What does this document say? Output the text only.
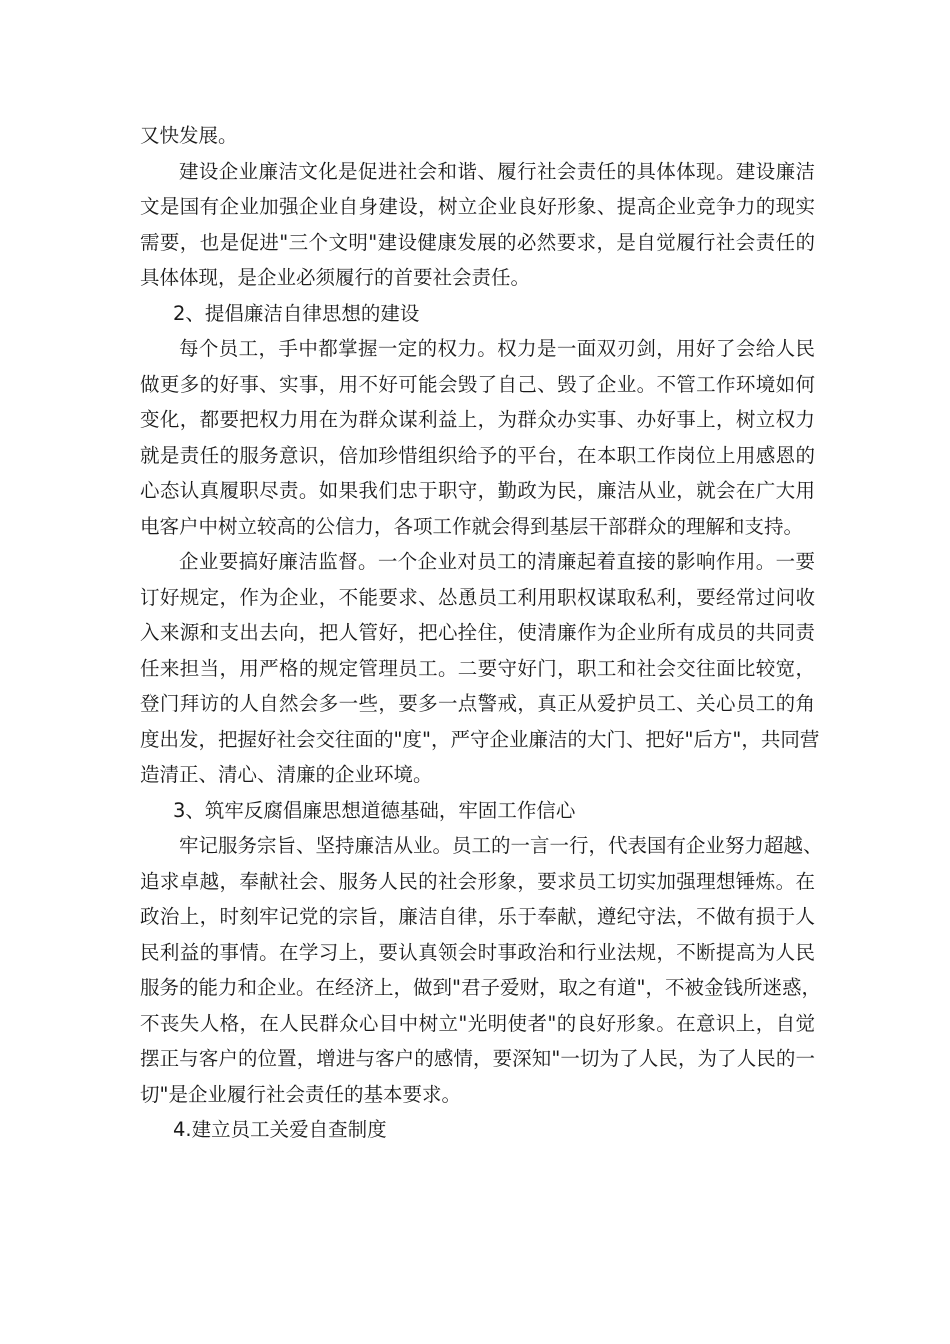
又快发展。
建设企业廉洁文化是促进社会和谐、履行社会责任的具体体现。建设廉洁
文是国有企业加强企业自身建设，树立企业良好形象、提高企业竞争力的现实
需要，也是促进"三个文明"建设健康发展的必然要求，是自觉履行社会责任的
具体体现，是企业必须履行的首要社会责任。
2、提倡廉洁自律思想的建设
每个员工，手中都掌握一定的权力。权力是一面双刃剑，用好了会给人民
做更多的好事、实事，用不好可能会毁了自己、毁了企业。不管工作环境如何
变化，都要把权力用在为群众谋利益上，为群众办实事、办好事上，树立权力
就是责任的服务意识，倍加珍惜组织给予的平台，在本职工作岗位上用感恩的
心态认真履职尽责。如果我们忠于职守，勤政为民，廉洁从业，就会在广大用
电客户中树立较高的公信力，各项工作就会得到基层干部群众的理解和支持。
企业要搞好廉洁监督。一个企业对员工的清廉起着直接的影响作用。一要
订好规定，作为企业，不能要求、怂恿员工利用职权谋取私利，要经常过问收
入来源和支出去向，把人管好，把心拴住，使清廉作为企业所有成员的共同责
任来担当，用严格的规定管理员工。二要守好门，职工和社会交往面比较宽，
登门拜访的人自然会多一些，要多一点警戒，真正从爱护员工、关心员工的角
度出发，把握好社会交往面的"度"，严守企业廉洁的大门、把好"后方"，共同营
造清正、清心、清廉的企业环境。
3、筑牢反腐倡廉思想道德基础，牢固工作信心
牢记服务宗旨、坚持廉洁从业。员工的一言一行，代表国有企业努力超越、
追求卓越，奉献社会、服务人民的社会形象，要求员工切实加强理想锤炼。在
政治上，时刻牢记党的宗旨，廉洁自律，乐于奉献，遵纪守法，不做有损于人
民利益的事情。在学习上，要认真领会时事政治和行业法规，不断提高为人民
服务的能力和企业。在经济上，做到"君子爱财，取之有道"，不被金钱所迷惑，
不丧失人格，在人民群众心目中树立"光明使者"的良好形象。在意识上，自觉
摆正与客户的位置，增进与客户的感情，要深知"一切为了人民，为了人民的一
切"是企业履行社会责任的基本要求。
4.建立员工关爱自查制度
